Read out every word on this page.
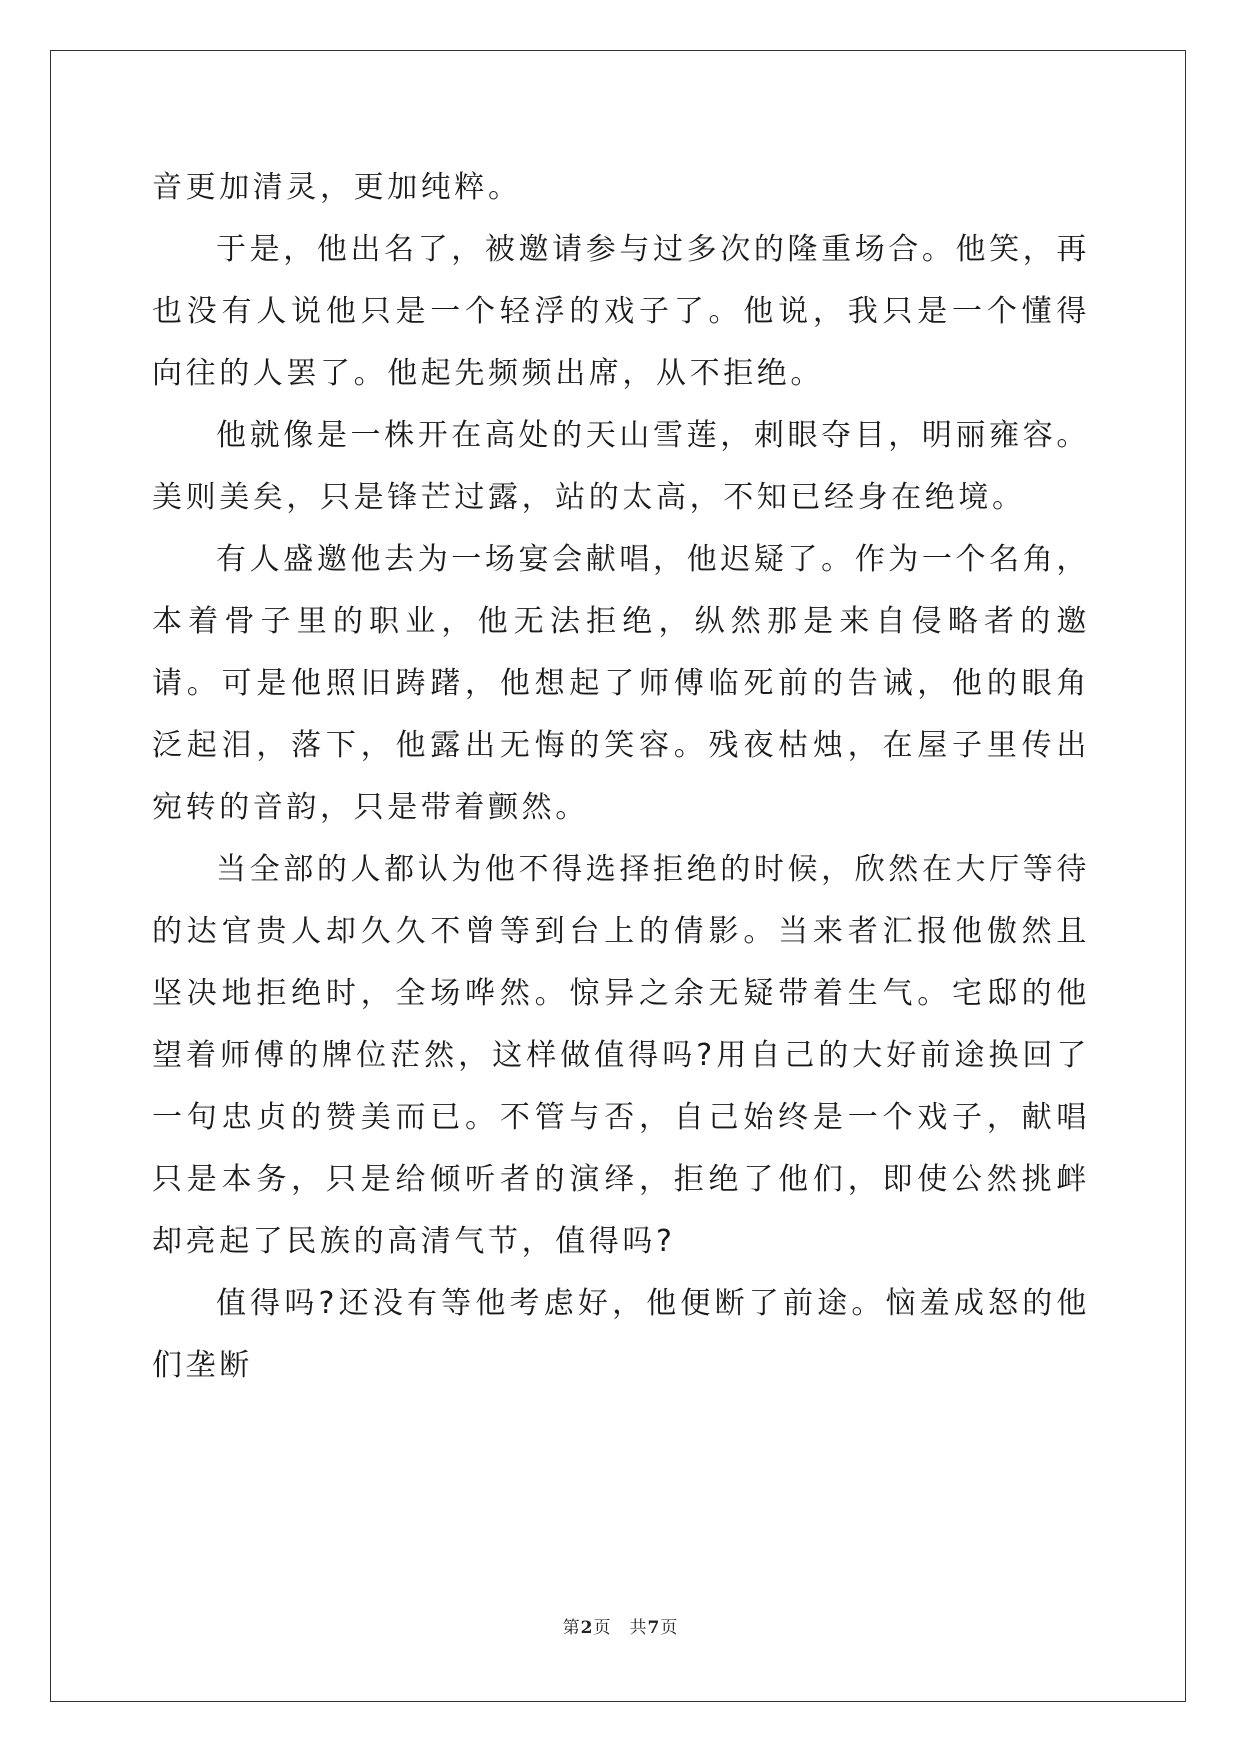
音更加清灵，更加纯粹。

于是，他出名了，被邀请参与过多次的隆重场合。他笑，再也没有人说他只是一个轻浮的戏子了。他说，我只是一个懂得向往的人罢了。他起先频频出席，从不拒绝。

他就像是一株开在高处的天山雪莲，刺眼夺目，明丽雍容。美则美矣，只是锋芒过露，站的太高，不知已经身在绝境。

有人盛邀他去为一场宴会献唱，他迟疑了。作为一个名角，本着骨子里的职业，他无法拒绝，纵然那是来自侵略者的邀请。可是他照旧踌躇，他想起了师傅临死前的告诫，他的眼角泛起泪，落下，他露出无悔的笑容。残夜枯烛，在屋子里传出宛转的音韵，只是带着颤然。

当全部的人都认为他不得选择拒绝的时候，欣然在大厅等待的达官贵人却久久不曾等到台上的倩影。当来者汇报他傲然且坚决地拒绝时，全场哗然。惊异之余无疑带着生气。宅邸的他望着师傅的牌位茫然，这样做值得吗?用自己的大好前途换回了一句忠贞的赞美而已。不管与否，自己始终是一个戏子，献唱只是本务，只是给倾听者的演绎，拒绝了他们，即使公然挑衅却亮起了民族的高清气节，值得吗?

值得吗?还没有等他考虑好，他便断了前途。恼羞成怒的他们垄断

第2页　共7页
